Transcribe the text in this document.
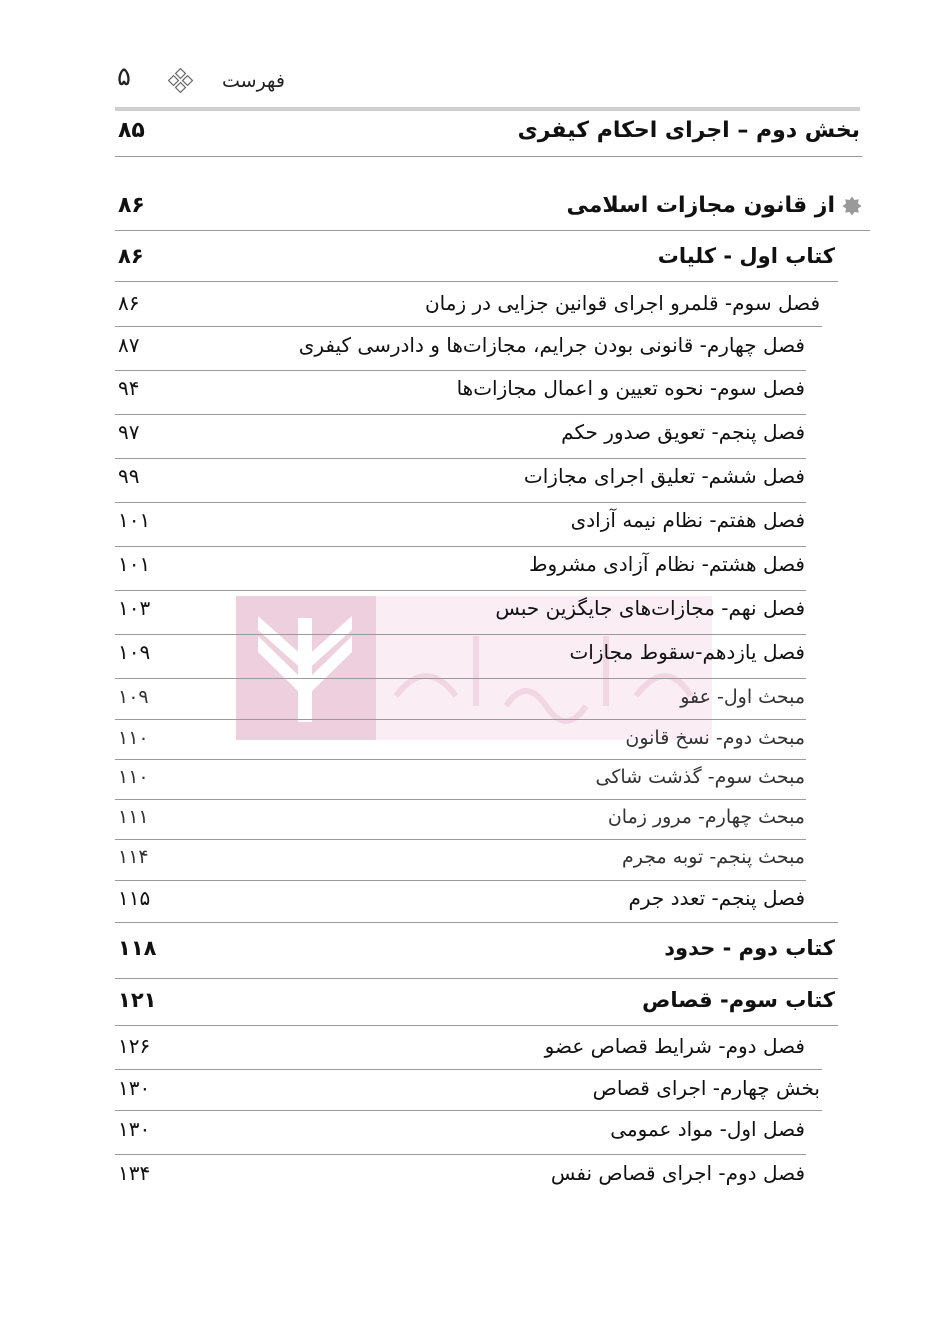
۵	فهرست
بخش دوم – اجرای احکام کیفری
۸۵
از قانون مجازات اسلامی
۸۶
کتاب اول - کلیات
۸۶
فصل سوم- قلمرو اجرای قوانین جزایی در زمان
۸۶
فصل چهارم- قانونی بودن جرایم، مجازات‌ها و دادرسی کیفری
۸۷
فصل سوم- نحوه تعیین و اعمال مجازات‌ها
۹۴
فصل پنجم- تعویق صدور حکم
۹۷
فصل ششم- تعلیق اجرای مجازات
۹۹
فصل هفتم- نظام نیمه آزادی
۱۰۱
فصل هشتم- نظام آزادی مشروط
۱۰۱
فصل نهم- مجازات‌های جایگزین حبس
۱۰۳
فصل یازدهم-سقوط مجازات
۱۰۹
مبحث اول- عفو
۱۰۹
مبحث دوم- نسخ قانون
۱۱۰
مبحث سوم- گذشت شاکی
۱۱۰
مبحث چهارم- مرور زمان
۱۱۱
مبحث پنجم- توبه مجرم
۱۱۴
فصل پنجم- تعدد جرم
۱۱۵
کتاب دوم - حدود
۱۱۸
کتاب سوم- قصاص
۱۲۱
فصل دوم- شرایط قصاص عضو
۱۲۶
بخش چهارم- اجرای قصاص
۱۳۰
فصل اول- مواد عمومی
۱۳۰
فصل دوم- اجرای قصاص نفس
۱۳۴
